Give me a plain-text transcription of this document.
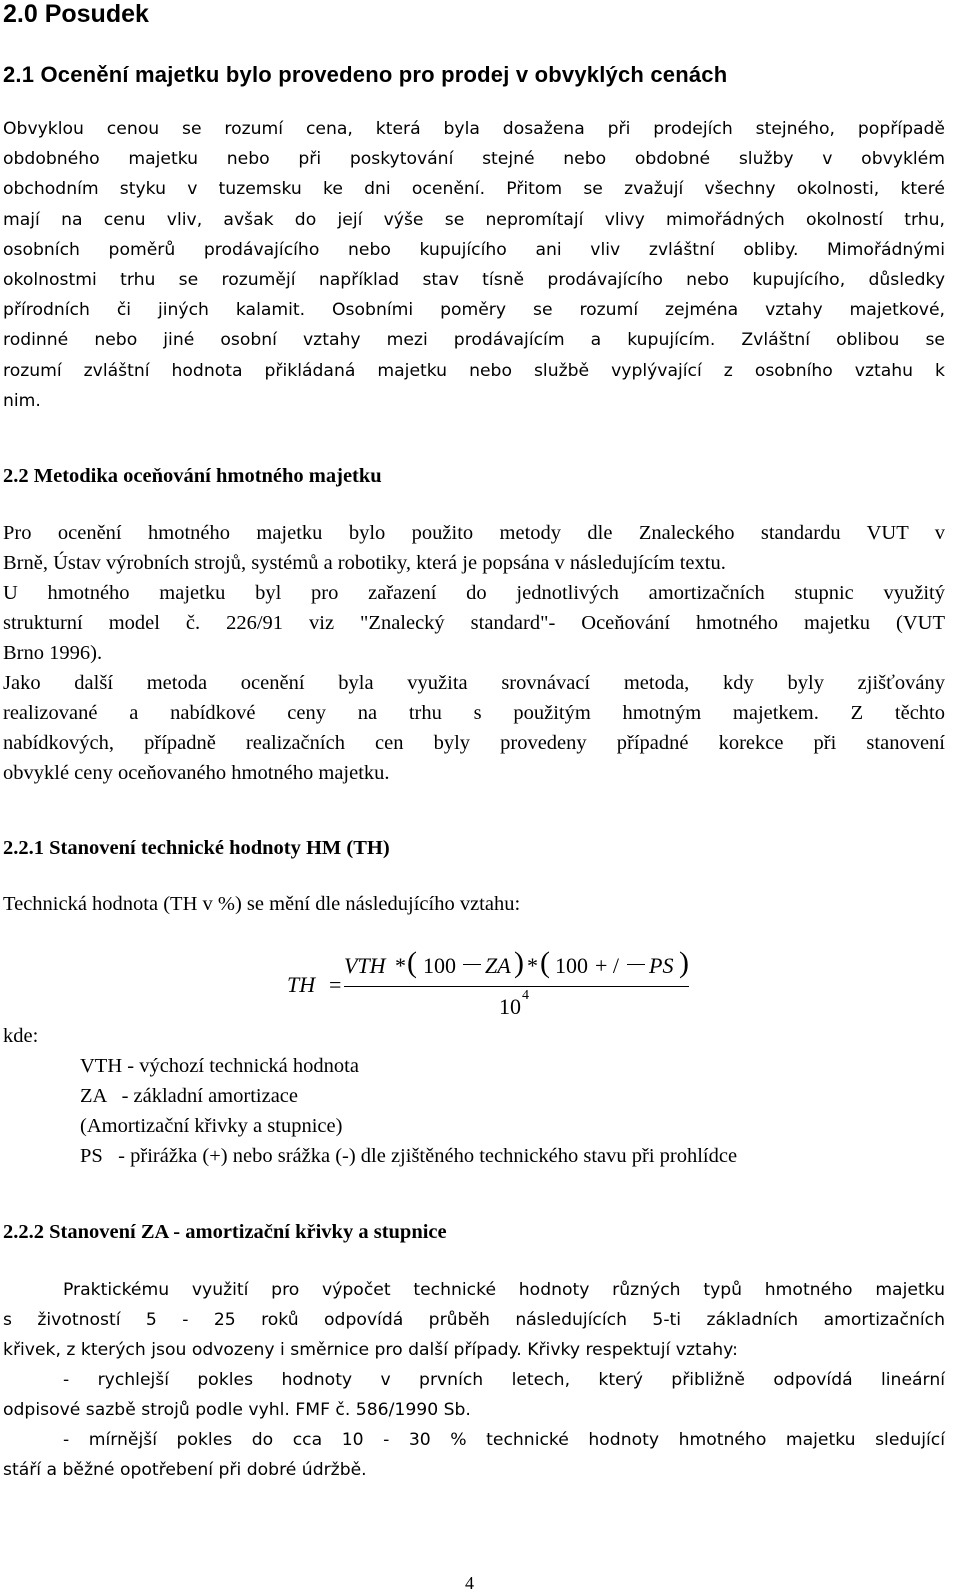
2.0 Posudek
2.1 Ocenění majetku bylo provedeno pro prodej v obvyklých cenách
Obvyklou cenou se rozumí cena, která byla dosažena při prodejích stejného, popřípadě
obdobného majetku nebo při poskytování stejné nebo obdobné služby v obvyklém
obchodním styku v tuzemsku ke dni ocenění. Přitom se zvažují všechny okolnosti, které
mají na cenu vliv, avšak do její výše se nepromítají vlivy mimořádných okolností trhu,
osobních poměrů prodávajícího nebo kupujícího ani vliv zvláštní obliby. Mimořádnými
okolnostmi trhu se rozumějí například stav tísně prodávajícího nebo kupujícího, důsledky
přírodních či jiných kalamit. Osobními poměry se rozumí zejména vztahy majetkové,
rodinné nebo jiné osobní vztahy mezi prodávajícím a kupujícím. Zvláštní oblibou se
rozumí zvláštní hodnota přikládaná majetku nebo službě vyplývající z osobního vztahu k
nim.
2.2 Metodika oceňování hmotného majetku
Pro ocenění hmotného majetku bylo použito metody dle Znaleckého standardu VUT v
Brně, Ústav výrobních strojů, systémů a robotiky, která je popsána v následujícím textu.
U hmotného majetku byl pro zařazení do jednotlivých amortizačních stupnic využitý
strukturní model č. 226/91 viz "Znalecký standard"- Oceňování hmotného majetku (VUT
Brno 1996).
Jako další metoda ocenění byla využita srovnávací metoda, kdy byly zjišťovány
realizované a nabídkové ceny na trhu s použitým hmotným majetkem. Z těchto
nabídkových, případně realizačních cen byly provedeny případné korekce při stanovení
obvyklé ceny oceňovaného hmotného majetku.
2.2.1 Stanovení technické hodnoty HM (TH)
Technická hodnota (TH v %) se mění dle následujícího vztahu:
TH =
VTH * ( 100 ZA ) * ( 100 + / PS )
10 4
kde:
VTH - výchozí technická hodnota
ZA   - základní amortizace
(Amortizační křivky a stupnice)
PS   - přirážka (+) nebo srážka (-) dle zjištěného technického stavu při prohlídce
2.2.2 Stanovení ZA - amortizační křivky a stupnice
Praktickému využití pro výpočet technické hodnoty různých typů hmotného majetku
s životností 5 - 25 roků odpovídá průběh následujících 5-ti základních amortizačních
křivek, z kterých jsou odvozeny i směrnice pro další případy. Křivky respektují vztahy:
- rychlejší pokles hodnoty v prvních letech, který přibližně odpovídá lineární
odpisové sazbě strojů podle vyhl. FMF č. 586/1990 Sb.
- mírnější pokles do cca 10 - 30 % technické hodnoty hmotného majetku sledující
stáří a běžné opotřebení při dobré údržbě.
4
